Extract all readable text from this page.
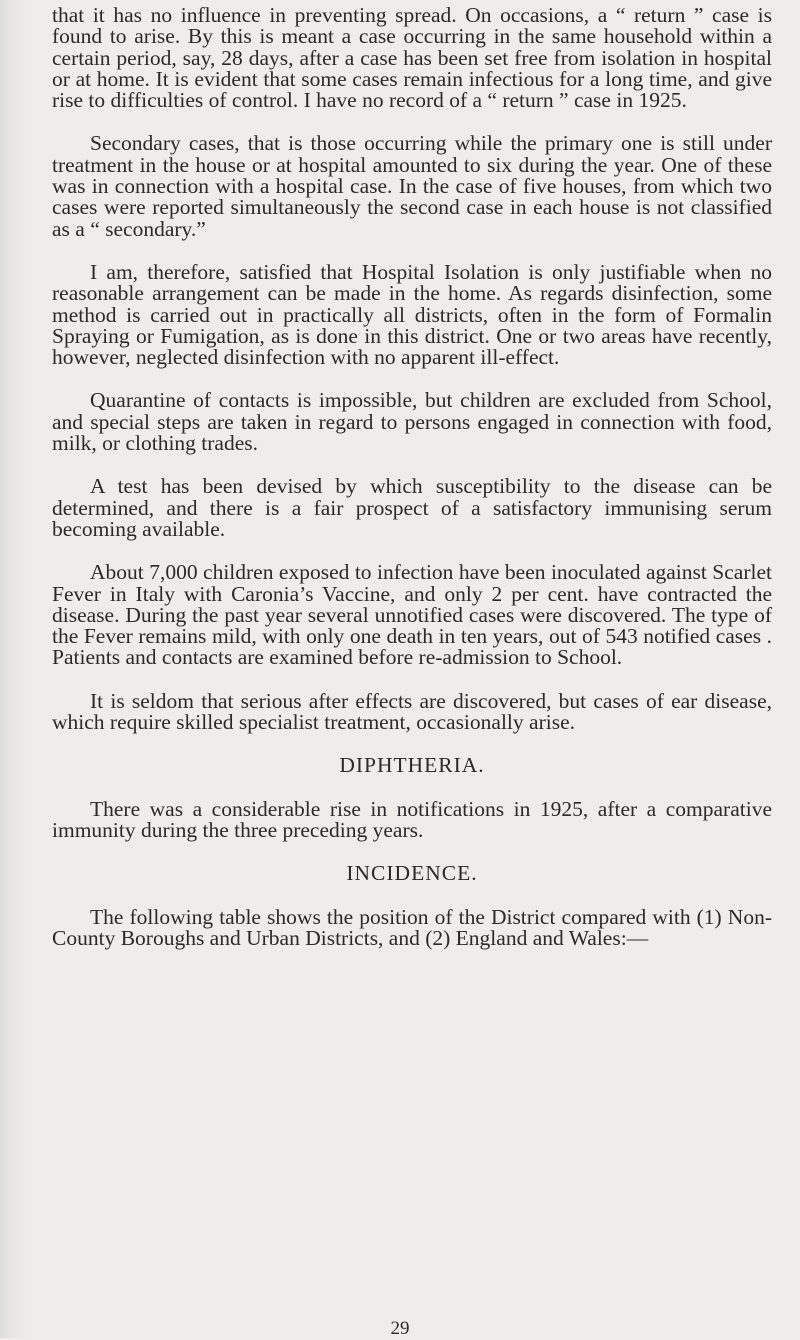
that it has no influence in preventing spread. On occasions, a “ return ” case is found to arise. By this is meant a case occurring in the same household within a certain period, say, 28 days, after a case has been set free from isolation in hospital or at home. It is evident that some cases remain infectious for a long time, and give rise to difficulties of control. I have no record of a “ return ” case in 1925.

Secondary cases, that is those occurring while the primary one is still under treatment in the house or at hospital amounted to six during the year. One of these was in connection with a hospital case. In the case of five houses, from which two cases were reported simultaneously the second case in each house is not classified as a “ secondary.”

I am, therefore, satisfied that Hospital Isolation is only justifiable when no reasonable arrangement can be made in the home. As regards disinfection, some method is carried out in practically all districts, often in the form of Formalin Spraying or Fumigation, as is done in this district. One or two areas have recently, however, neglected disinfection with no apparent ill-effect.

Quarantine of contacts is impossible, but children are excluded from School, and special steps are taken in regard to persons engaged in connection with food, milk, or clothing trades.

A test has been devised by which susceptibility to the disease can be determined, and there is a fair prospect of a satisfactory immunising serum becoming available.

About 7,000 children exposed to infection have been inoculated against Scarlet Fever in Italy with Caronia’s Vaccine, and only 2 per cent. have contracted the disease. During the past year several unnotified cases were discovered. The type of the Fever remains mild, with only one death in ten years, out of 543 notified cases . Patients and contacts are examined before re-admission to School.

It is seldom that serious after effects are discovered, but cases of ear disease, which require skilled specialist treatment, occasionally arise.

DIPHTHERIA.

There was a considerable rise in notifications in 1925, after a comparative immunity during the three preceding years.

INCIDENCE.

The following table shows the position of the District compared with (1) Non-County Boroughs and Urban Districts, and (2) England and Wales:—

29
